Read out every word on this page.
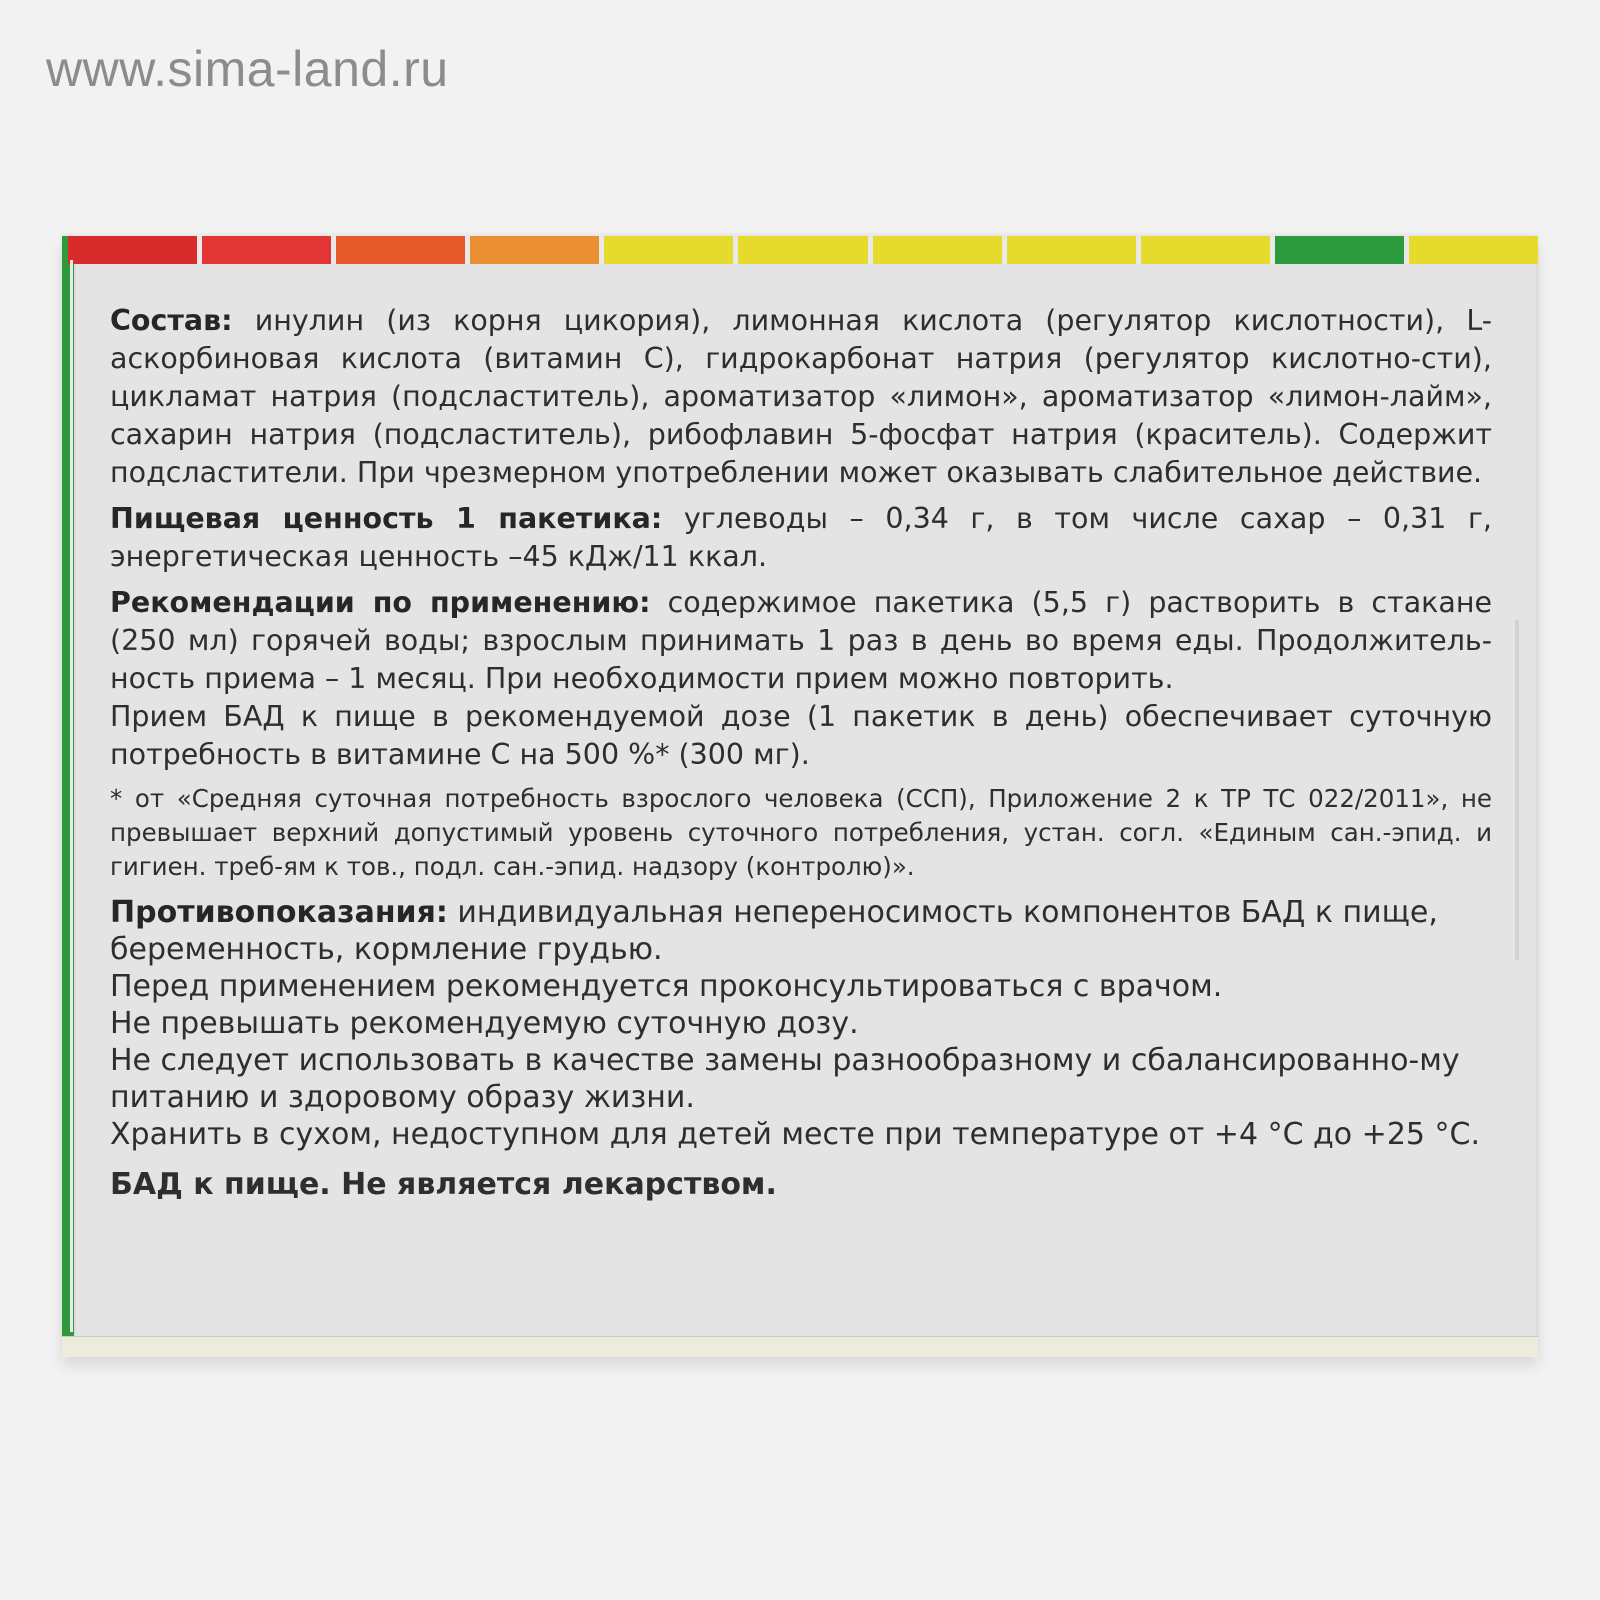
www.sima-land.ru

Состав: инулин (из корня цикория), лимонная кислота (регулятор кислотности), L-аскорбиновая кислота (витамин С), гидрокарбонат натрия (регулятор кислотно-сти), цикламат натрия (подсластитель), ароматизатор «лимон», ароматизатор «лимон-лайм», сахарин натрия (подсластитель), рибофлавин 5-фосфат натрия (краситель). Содержит подсластители. При чрезмерном употреблении может оказывать слабительное действие.

Пищевая ценность 1 пакетика: углеводы – 0,34 г, в том числе сахар – 0,31 г, энергетическая ценность –45 кДж/11 ккал.

Рекомендации по применению: содержимое пакетика (5,5 г) растворить в стакане (250 мл) горячей воды; взрослым принимать 1 раз в день во время еды. Продолжитель-ность приема – 1 месяц. При необходимости прием можно повторить.

Прием БАД к пище в рекомендуемой дозе (1 пакетик в день) обеспечивает суточную потребность в витамине С на 500 %* (300 мг).

* от «Средняя суточная потребность взрослого человека (ССП), Приложение 2 к ТР ТС 022/2011», не превышает верхний допустимый уровень суточного потребления, устан. согл. «Единым сан.-эпид. и гигиен. треб-ям к тов., подл. сан.-эпид. надзору (контролю)».

Противопоказания: индивидуальная непереносимость компонентов БАД к пище, беременность, кормление грудью.

Перед применением рекомендуется проконсультироваться с врачом.

Не превышать рекомендуемую суточную дозу.

Не следует использовать в качестве замены разнообразному и сбалансированно-му питанию и здоровому образу жизни.

Хранить в сухом, недоступном для детей месте при температуре от +4 °С до +25 °С.

БАД к пище. Не является лекарством.
